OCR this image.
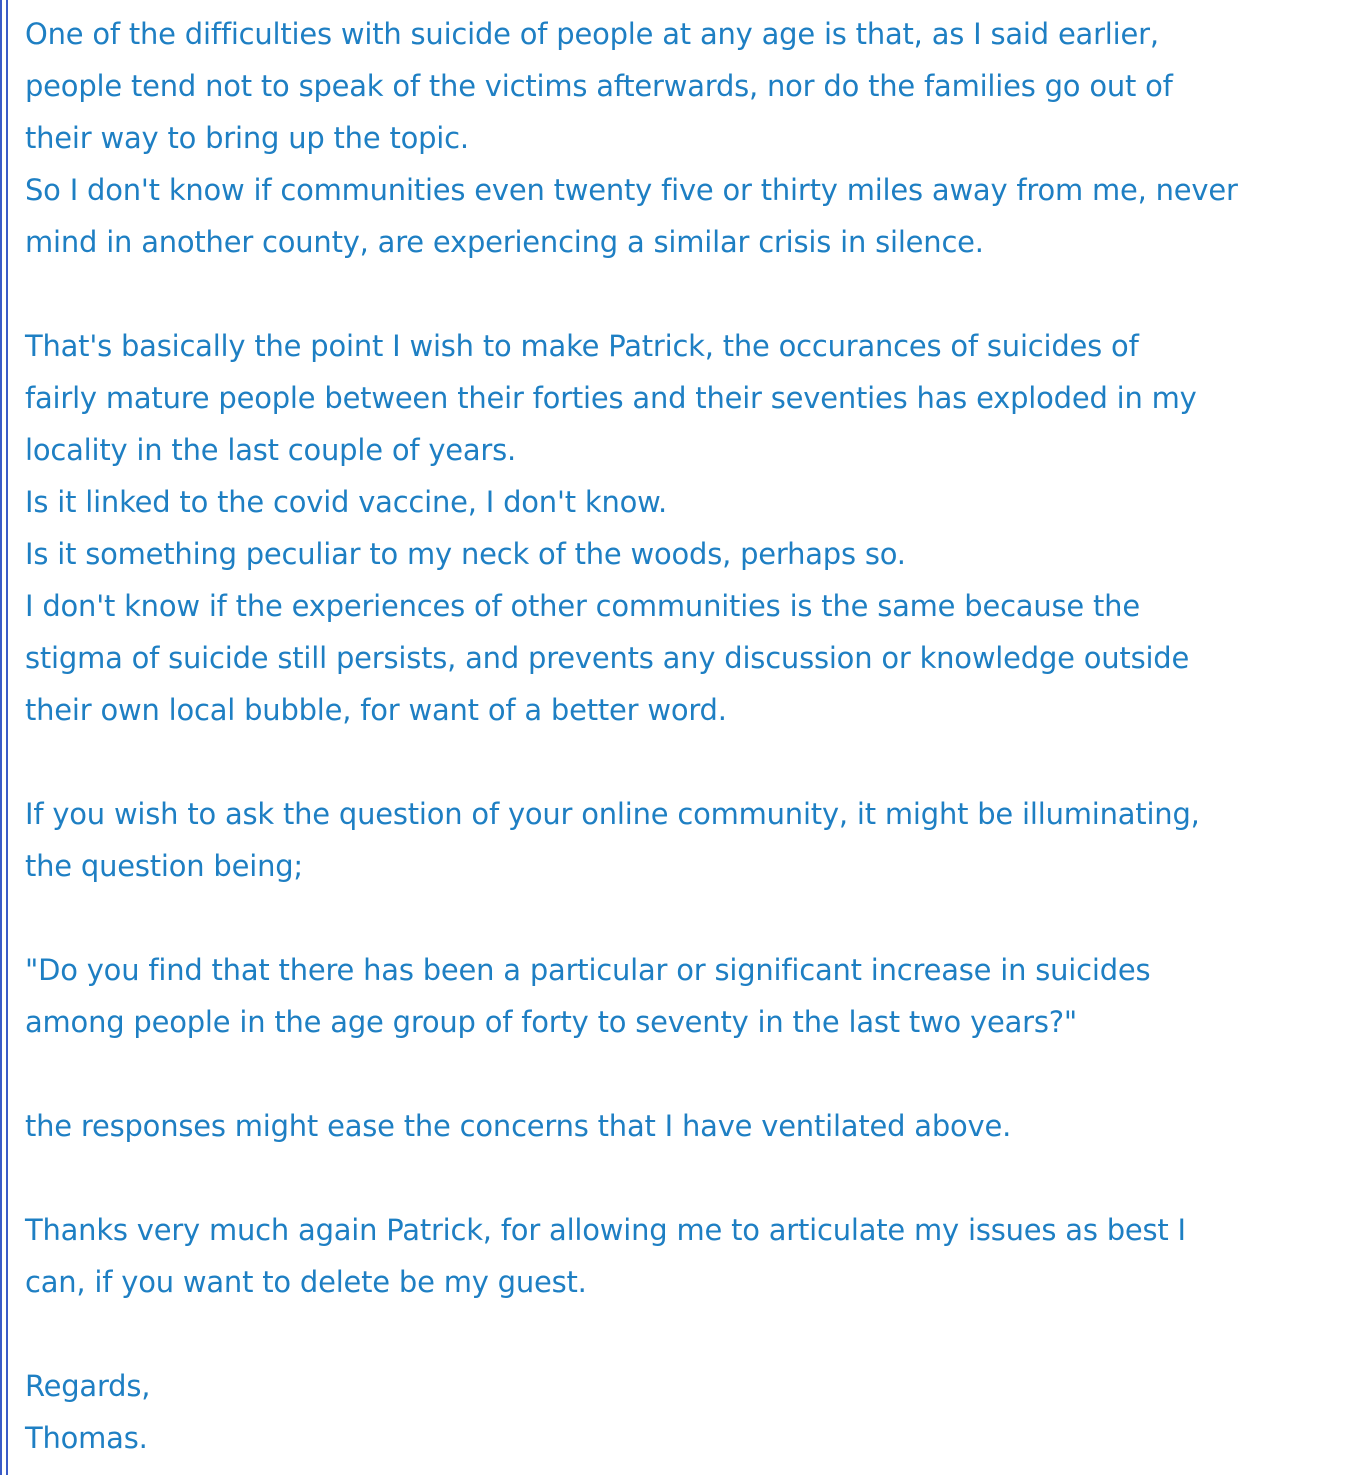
One of the difficulties with suicide of people at any age is that, as I said earlier,
people tend not to speak of the victims afterwards, nor do the families go out of
their way to bring up the topic.
So I don't know if communities even twenty five or thirty miles away from me, never
mind in another county, are experiencing a similar crisis in silence.
That's basically the point I wish to make Patrick, the occurances of suicides of
fairly mature people between their forties and their seventies has exploded in my
locality in the last couple of years.
Is it linked to the covid vaccine, I don't know.
Is it something peculiar to my neck of the woods, perhaps so.
I don't know if the experiences of other communities is the same because the
stigma of suicide still persists, and prevents any discussion or knowledge outside
their own local bubble, for want of a better word.
If you wish to ask the question of your online community, it might be illuminating,
the question being;
"Do you find that there has been a particular or significant increase in suicides
among people in the age group of forty to seventy in the last two years?"
the responses might ease the concerns that I have ventilated above.
Thanks very much again Patrick, for allowing me to articulate my issues as best I
can, if you want to delete be my guest.
Regards,
Thomas.
